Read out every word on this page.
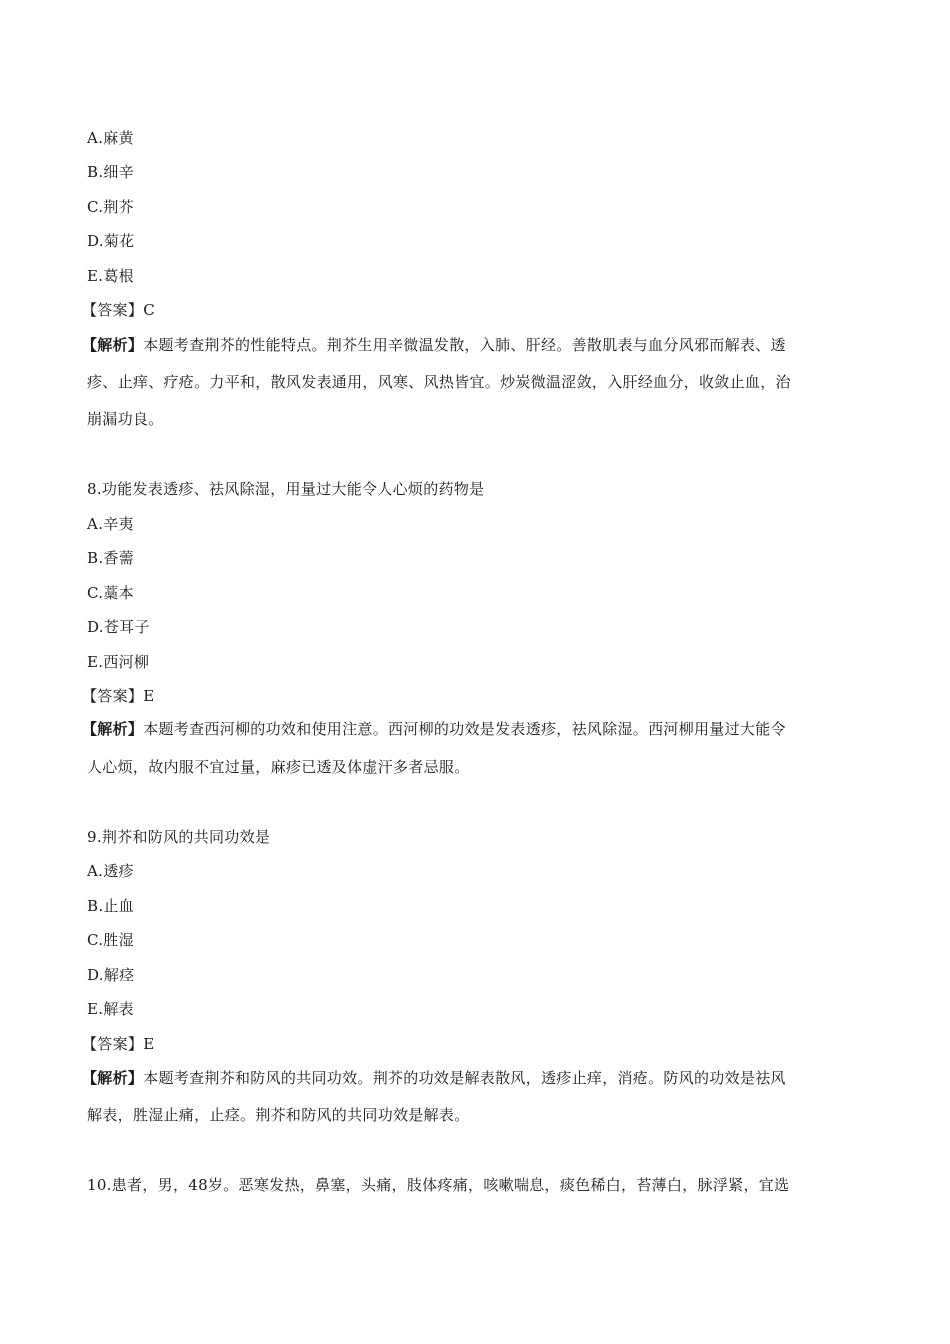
A.麻黄
B.细辛
C.荆芥
D.菊花
E.葛根
【答案】C
【解析】本题考查荆芥的性能特点。荆芥生用辛微温发散，入肺、肝经。善散肌表与血分风邪而解表、透
疹、止痒、疗疮。力平和，散风发表通用，风寒、风热皆宜。炒炭微温涩敛，入肝经血分，收敛止血，治
崩漏功良。
8.功能发表透疹、祛风除湿，用量过大能令人心烦的药物是
A.辛夷
B.香薷
C.藁本
D.苍耳子
E.西河柳
【答案】E
【解析】本题考查西河柳的功效和使用注意。西河柳的功效是发表透疹，祛风除湿。西河柳用量过大能令
人心烦，故内服不宜过量，麻疹已透及体虚汗多者忌服。
9.荆芥和防风的共同功效是
A.透疹
B.止血
C.胜湿
D.解痉
E.解表
【答案】E
【解析】本题考查荆芥和防风的共同功效。荆芥的功效是解表散风，透疹止痒，消疮。防风的功效是祛风
解表，胜湿止痛，止痉。荆芥和防风的共同功效是解表。
10.患者，男，48岁。恶寒发热，鼻塞，头痛，肢体疼痛，咳嗽喘息，痰色稀白，苔薄白，脉浮紧，宜选
